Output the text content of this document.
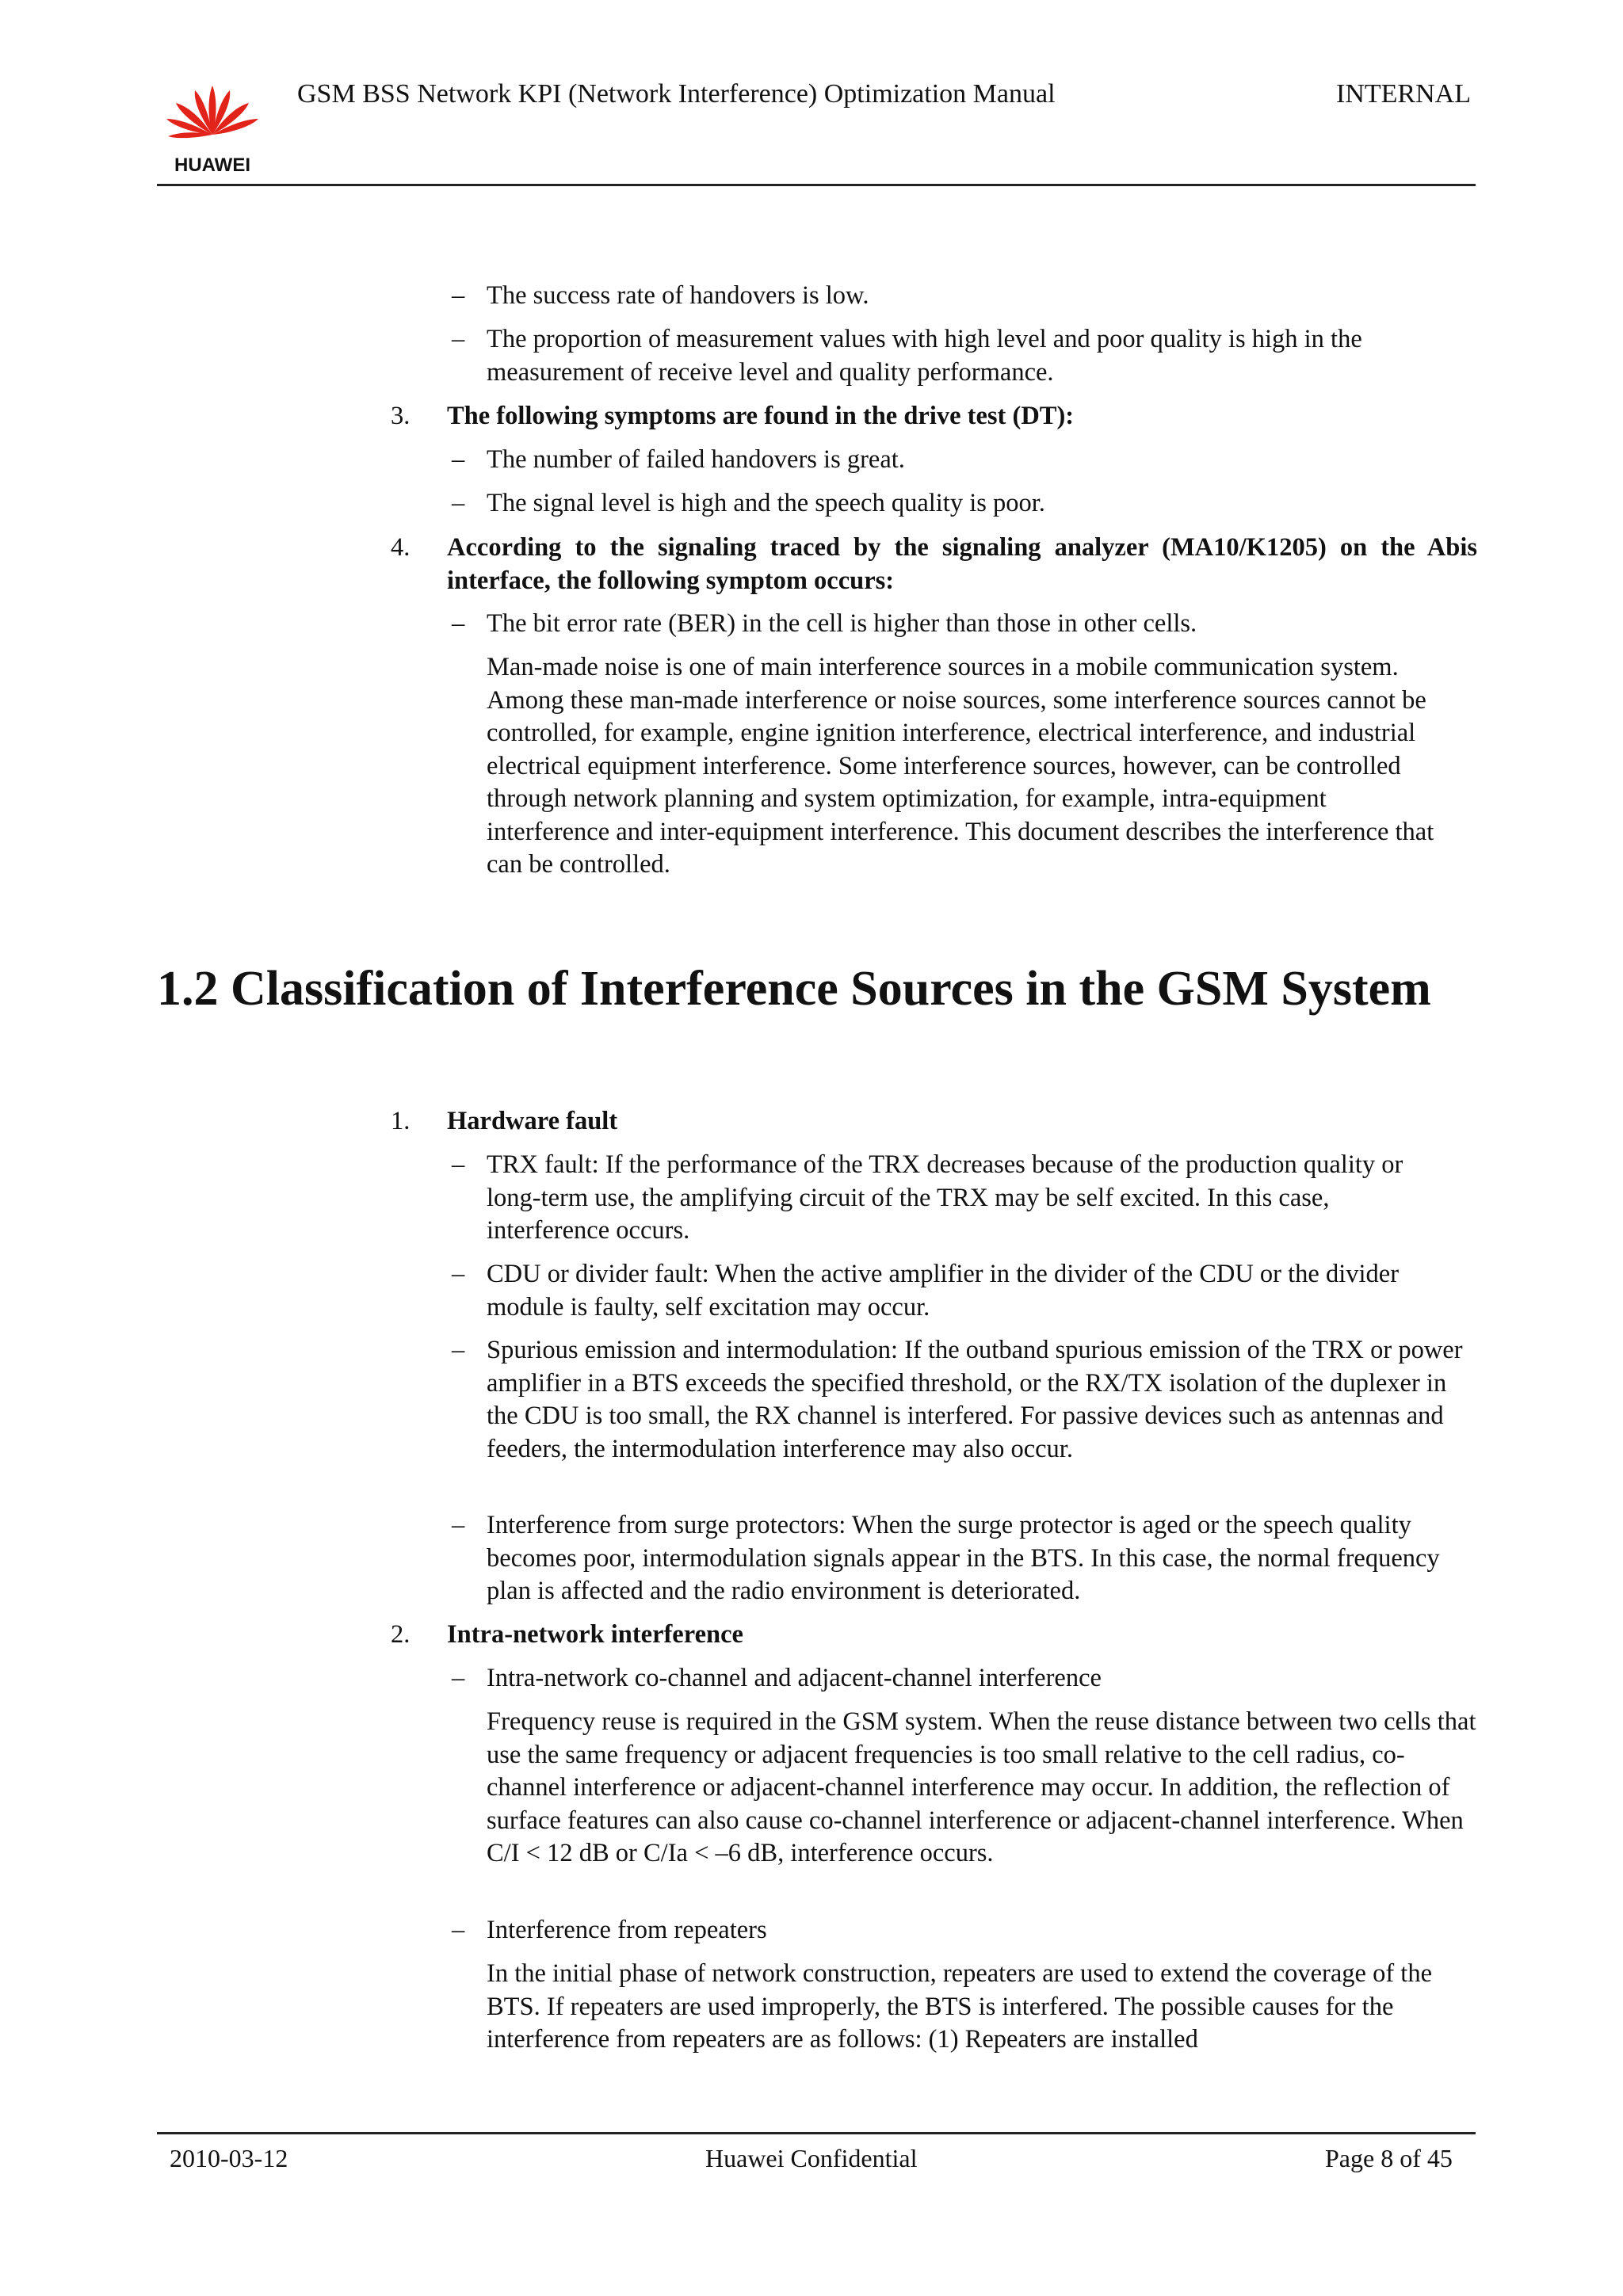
HUAWEI
GSM BSS Network KPI (Network Interference) Optimization Manual	INTERNAL
– The success rate of handovers is low.
– The proportion of measurement values with high level and poor quality is high in the measurement of receive level and quality performance.
3. The following symptoms are found in the drive test (DT):
– The number of failed handovers is great.
– The signal level is high and the speech quality is poor.
4. According to the signaling traced by the signaling analyzer (MA10/K1205) on the Abis interface, the following symptom occurs:
– The bit error rate (BER) in the cell is higher than those in other cells.
Man-made noise is one of main interference sources in a mobile communication system. Among these man-made interference or noise sources, some interference sources cannot be controlled, for example, engine ignition interference, electrical interference, and industrial electrical equipment interference. Some interference sources, however, can be controlled through network planning and system optimization, for example, intra-equipment interference and inter-equipment interference. This document describes the interference that can be controlled.
1.2 Classification of Interference Sources in the GSM System
1. Hardware fault
– TRX fault: If the performance of the TRX decreases because of the production quality or long-term use, the amplifying circuit of the TRX may be self excited. In this case, interference occurs.
– CDU or divider fault: When the active amplifier in the divider of the CDU or the divider module is faulty, self excitation may occur.
– Spurious emission and intermodulation: If the outband spurious emission of the TRX or power amplifier in a BTS exceeds the specified threshold, or the RX/TX isolation of the duplexer in the CDU is too small, the RX channel is interfered. For passive devices such as antennas and feeders, the intermodulation interference may also occur.
– Interference from surge protectors: When the surge protector is aged or the speech quality becomes poor, intermodulation signals appear in the BTS. In this case, the normal frequency plan is affected and the radio environment is deteriorated.
2. Intra-network interference
– Intra-network co-channel and adjacent-channel interference
Frequency reuse is required in the GSM system. When the reuse distance between two cells that use the same frequency or adjacent frequencies is too small relative to the cell radius, co-channel interference or adjacent-channel interference may occur. In addition, the reflection of surface features can also cause co-channel interference or adjacent-channel interference. When C/I < 12 dB or C/Ia < –6 dB, interference occurs.
– Interference from repeaters
In the initial phase of network construction, repeaters are used to extend the coverage of the BTS. If repeaters are used improperly, the BTS is interfered. The possible causes for the interference from repeaters are as follows: (1) Repeaters are installed
2010-03-12	Huawei Confidential	Page 8 of 45
